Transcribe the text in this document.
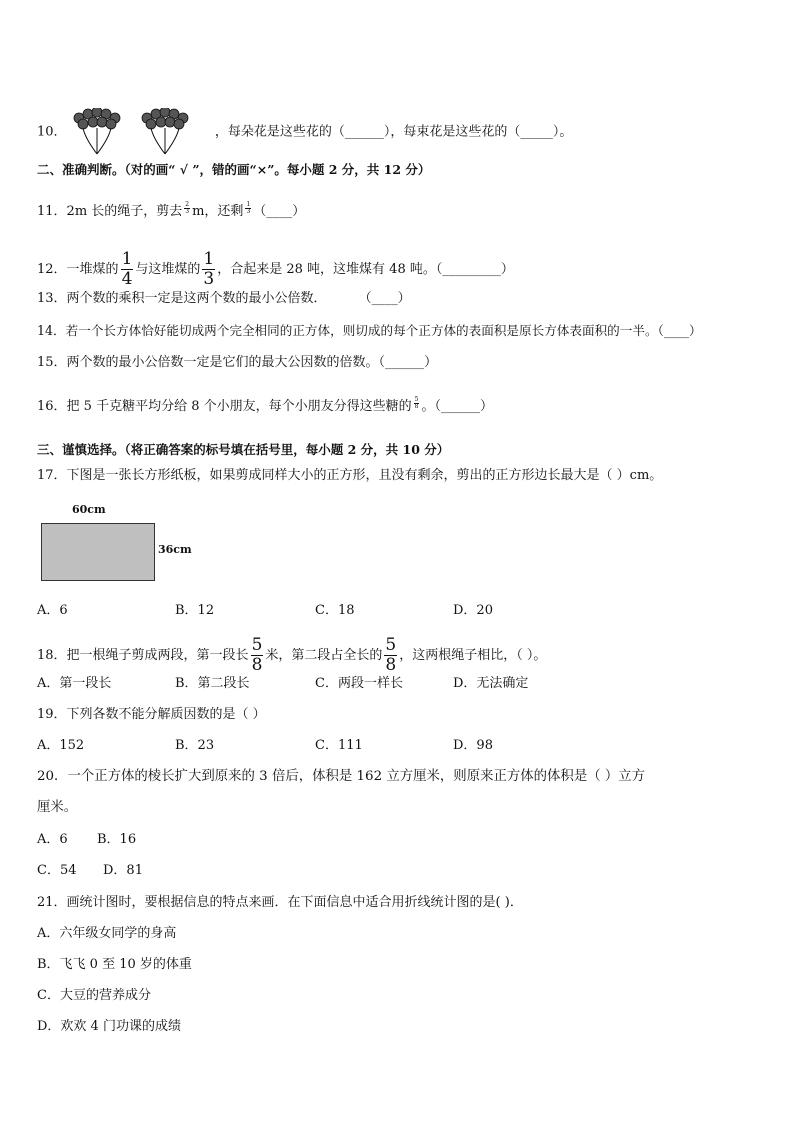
10．	，每朵花是这些花的（______），每束花是这些花的（_____）。
二、准确判断。（对的画“ √ ”，错的画“×”。每小题 2 分，共 12 分）
11．2m 长的绳子，剪去 $\frac{2}{3}$ m，还剩 $\frac{1}{3}$ （____）
12．一堆煤的 $\frac{1}{4}$ 与这堆煤的 $\frac{1}{3}$ ，合起来是 28 吨，这堆煤有 48 吨。（_________）
13．两个数的乘积一定是这两个数的最小公倍数． （____）
14．若一个长方体恰好能切成两个完全相同的正方体，则切成的每个正方体的表面积是原长方体表面积的一半。（____）
15．两个数的最小公倍数一定是它们的最大公因数的倍数。（______）
16．把 5 千克糖平均分给 8 个小朋友，每个小朋友分得这些糖的 $\frac{5}{8}$ 。（______）
三、谨慎选择。（将正确答案的标号填在括号里，每小题 2 分，共 10 分）
17．下图是一张长方形纸板，如果剪成同样大小的正方形，且没有剩余，剪出的正方形边长最大是（ ）cm。
60cm
36cm
A．6	B．12	C．18	D．20
18．把一根绳子剪成两段，第一段长 $\frac{5}{8}$ 米，第二段占全长的 $\frac{5}{8}$ ，这两根绳子相比，（ ）。
A．第一段长	B．第二段长	C．两段一样长	D．无法确定
19．下列各数不能分解质因数的是（ ）
A．152	B．23	C．111	D．98
20．一个正方体的棱长扩大到原来的 3 倍后，体积是 162 立方厘米，则原来正方体的体积是（ ）立方
厘米。
A．6 B．16
C．54 D．81
21．画统计图时，要根据信息的特点来画．在下面信息中适合用折线统计图的是( )．
A．六年级女同学的身高
B．飞飞 0 至 10 岁的体重
C．大豆的营养成分
D．欢欢 4 门功课的成绩
